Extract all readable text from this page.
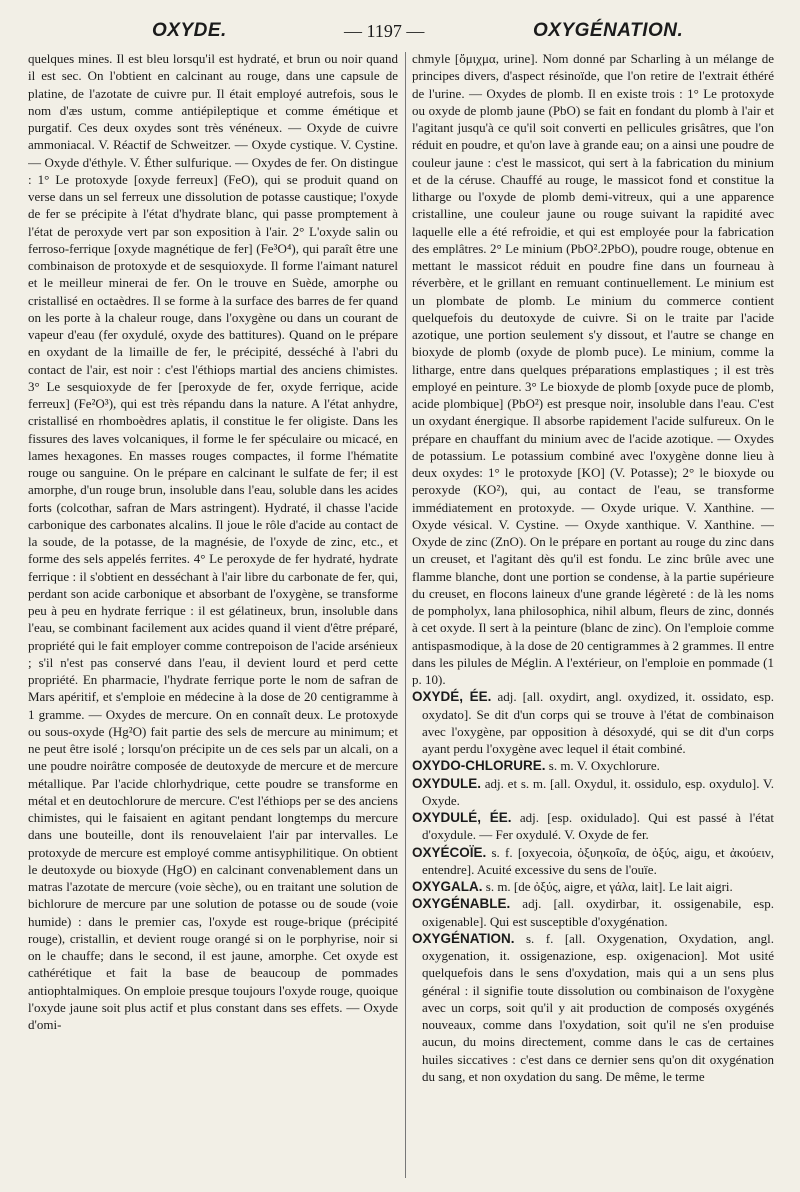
OXYDE.	— 1197 —	OXYGÉNATION.

quelques mines. Il est bleu lorsqu'il est hydraté, et brun ou noir quand il est sec. On l'obtient en calcinant au rouge, dans une capsule de platine, de l'azotate de cuivre pur. Il était employé autrefois, sous le nom d'æs ustum, comme antiépileptique et comme émétique et purgatif. Ces deux oxydes sont très vénéneux. — Oxyde de cuivre ammoniacal. V. Réactif de Schweitzer. — Oxyde cystique. V. Cystine. — Oxyde d'éthyle. V. Éther sulfurique. — Oxydes de fer. On distingue : 1° Le protoxyde [oxyde ferreux] (FeO), qui se produit quand on verse dans un sel ferreux une dissolution de potasse caustique; l'oxyde de fer se précipite à l'état d'hydrate blanc, qui passe promptement à l'état de peroxyde vert par son exposition à l'air. 2° L'oxyde salin ou ferroso-ferrique [oxyde magnétique de fer] (Fe³O⁴), qui paraît être une combinaison de protoxyde et de sesquioxyde. Il forme l'aimant naturel et le meilleur minerai de fer. On le trouve en Suède, amorphe ou cristallisé en octaèdres. Il se forme à la surface des barres de fer quand on les porte à la chaleur rouge, dans l'oxygène ou dans un courant de vapeur d'eau (fer oxydulé, oxyde des battitures). Quand on le prépare en oxydant de la limaille de fer, le précipité, desséché à l'abri du contact de l'air, est noir : c'est l'éthiops martial des anciens chimistes. 3° Le sesquioxyde de fer [peroxyde de fer, oxyde ferrique, acide ferreux] (Fe²O³), qui est très répandu dans la nature. A l'état anhydre, cristallisé en rhomboèdres aplatis, il constitue le fer oligiste. Dans les fissures des laves volcaniques, il forme le fer spéculaire ou micacé, en lames hexagones. En masses rouges compactes, il forme l'hématite rouge ou sanguine. On le prépare en calcinant le sulfate de fer; il est amorphe, d'un rouge brun, insoluble dans l'eau, soluble dans les acides forts (colcothar, safran de Mars astringent). Hydraté, il chasse l'acide carbonique des carbonates alcalins. Il joue le rôle d'acide au contact de la soude, de la potasse, de la magnésie, de l'oxyde de zinc, etc., et forme des sels appelés ferrites. 4° Le peroxyde de fer hydraté, hydrate ferrique : il s'obtient en desséchant à l'air libre du carbonate de fer, qui, perdant son acide carbonique et absorbant de l'oxygène, se transforme peu à peu en hydrate ferrique : il est gélatineux, brun, insoluble dans l'eau, se combinant facilement aux acides quand il vient d'être préparé, propriété qui le fait employer comme contrepoison de l'acide arsénieux ; s'il n'est pas conservé dans l'eau, il devient lourd et perd cette propriété. En pharmacie, l'hydrate ferrique porte le nom de safran de Mars apéritif, et s'emploie en médecine à la dose de 20 centigramme à 1 gramme. — Oxydes de mercure. On en connaît deux. Le protoxyde ou sous-oxyde (Hg²O) fait partie des sels de mercure au minimum; et ne peut être isolé ; lorsqu'on précipite un de ces sels par un alcali, on a une poudre noirâtre composée de deutoxyde de mercure et de mercure métallique. Par l'acide chlorhydrique, cette poudre se transforme en métal et en deutochlorure de mercure. C'est l'éthiops per se des anciens chimistes, qui le faisaient en agitant pendant longtemps du mercure dans une bouteille, dont ils renouvelaient l'air par intervalles. Le protoxyde de mercure est employé comme antisyphilitique. On obtient le deutoxyde ou bioxyde (HgO) en calcinant convenablement dans un matras l'azotate de mercure (voie sèche), ou en traitant une solution de bichlorure de mercure par une solution de potasse ou de soude (voie humide) : dans le premier cas, l'oxyde est rouge-brique (précipité rouge), cristallin, et devient rouge orangé si on le porphyrise, noir si on le chauffe; dans le second, il est jaune, amorphe. Cet oxyde est cathérétique et fait la base de beaucoup de pommades antiophtalmiques. On emploie presque toujours l'oxyde rouge, quoique l'oxyde jaune soit plus actif et plus constant dans ses effets. — Oxyde d'omi-

chmyle [ὄμιχμα, urine]. Nom donné par Scharling à un mélange de principes divers, d'aspect résinoïde, que l'on retire de l'extrait éthéré de l'urine. — Oxydes de plomb. Il en existe trois : 1° Le protoxyde ou oxyde de plomb jaune (PbO) se fait en fondant du plomb à l'air et l'agitant jusqu'à ce qu'il soit converti en pellicules grisâtres, que l'on réduit en poudre, et qu'on lave à grande eau; on a ainsi une poudre de couleur jaune : c'est le massicot, qui sert à la fabrication du minium et de la céruse. Chauffé au rouge, le massicot fond et constitue la litharge ou l'oxyde de plomb demi-vitreux, qui a une apparence cristalline, une couleur jaune ou rouge suivant la rapidité avec laquelle elle a été refroidie, et qui est employée pour la fabrication des emplâtres. 2° Le minium (PbO².2PbO), poudre rouge, obtenue en mettant le massicot réduit en poudre fine dans un fourneau à réverbère, et le grillant en remuant continuellement. Le minium est un plombate de plomb. Le minium du commerce contient quelquefois du deutoxyde de cuivre. Si on le traite par l'acide azotique, une portion seulement s'y dissout, et l'autre se change en bioxyde de plomb (oxyde de plomb puce). Le minium, comme la litharge, entre dans quelques préparations emplastiques ; il est très employé en peinture. 3° Le bioxyde de plomb [oxyde puce de plomb, acide plombique] (PbO²) est presque noir, insoluble dans l'eau. C'est un oxydant énergique. Il absorbe rapidement l'acide sulfureux. On le prépare en chauffant du minium avec de l'acide azotique. — Oxydes de potassium. Le potassium combiné avec l'oxygène donne lieu à deux oxydes: 1° le protoxyde [KO] (V. Potasse); 2° le bioxyde ou peroxyde (KO²), qui, au contact de l'eau, se transforme immédiatement en protoxyde. — Oxyde urique. V. Xanthine. — Oxyde vésical. V. Cystine. — Oxyde xanthique. V. Xanthine. — Oxyde de zinc (ZnO). On le prépare en portant au rouge du zinc dans un creuset, et l'agitant dès qu'il est fondu. Le zinc brûle avec une flamme blanche, dont une portion se condense, à la partie supérieure du creuset, en flocons laineux d'une grande légèreté : de là les noms de pompholyx, lana philosophica, nihil album, fleurs de zinc, donnés à cet oxyde. Il sert à la peinture (blanc de zinc). On l'emploie comme antispasmodique, à la dose de 20 centigrammes à 2 grammes. Il entre dans les pilules de Méglin. A l'extérieur, on l'emploie en pommade (1 p. 10).

OXYDÉ, ÉE. adj. [all. oxydirt, angl. oxydized, it. ossidato, esp. oxydato]. Se dit d'un corps qui se trouve à l'état de combinaison avec l'oxygène, par opposition à désoxydé, qui se dit d'un corps ayant perdu l'oxygène avec lequel il était combiné.

OXYDO-CHLORURE. s. m. V. Oxychlorure.

OXYDULE. adj. et s. m. [all. Oxydul, it. ossidulo, esp. oxydulo]. V. Oxyde.

OXYDULÉ, ÉE. adj. [esp. oxidulado]. Qui est passé à l'état d'oxydule. — Fer oxydulé. V. Oxyde de fer.

OXYÉCOÏE. s. f. [oxyecoia, ὀξυηκοΐα, de ὀξύς, aigu, et ἀκούειν, entendre]. Acuité excessive du sens de l'ouïe.

OXYGALA. s. m. [de ὀξύς, aigre, et γάλα, lait]. Le lait aigri.

OXYGÉNABLE. adj. [all. oxydirbar, it. ossigenabile, esp. oxigenable]. Qui est susceptible d'oxygénation.

OXYGÉNATION. s. f. [all. Oxygenation, Oxydation, angl. oxygenation, it. ossigenazione, esp. oxigenacion]. Mot usité quelquefois dans le sens d'oxydation, mais qui a un sens plus général : il signifie toute dissolution ou combinaison de l'oxygène avec un corps, soit qu'il y ait production de composés oxygénés nouveaux, comme dans l'oxydation, soit qu'il ne s'en produise aucun, du moins directement, comme dans le cas de certaines huiles siccatives : c'est dans ce dernier sens qu'on dit oxygénation du sang, et non oxydation du sang. De même, le terme
